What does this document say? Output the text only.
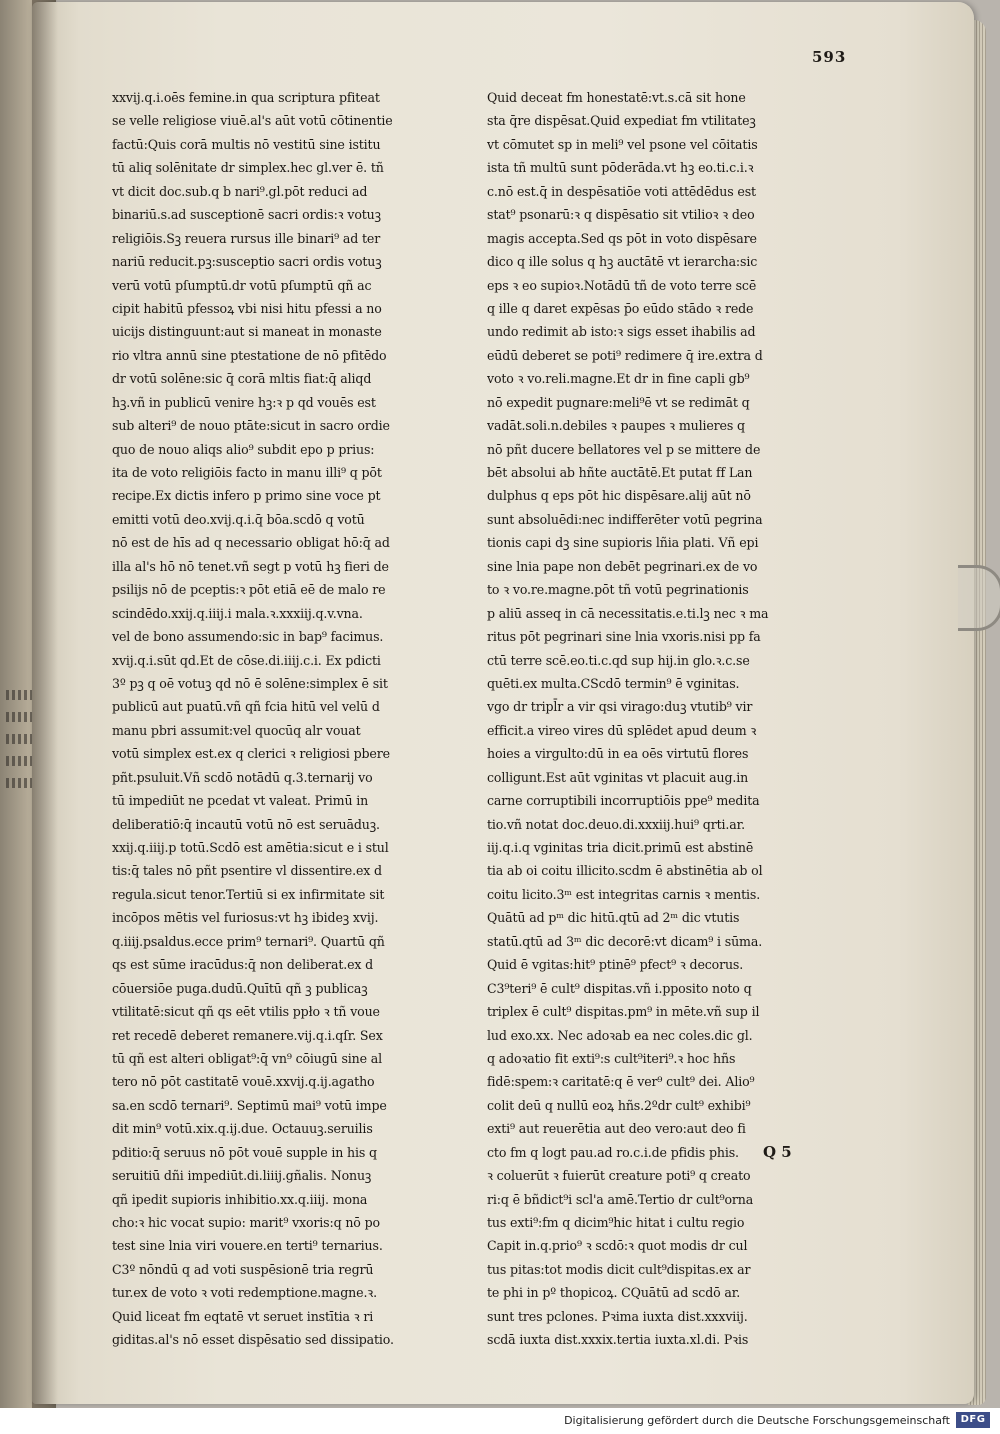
593
xxvij.q.i.oēs femine.in qua scriptura pfiteat
se velle religiose viuē.al's aūt votū cōtinentie
factū:Quis corā multis nō vestitū sine istitu
tū aliq solēnitate dr simplex.hec gl.ver ē. tñ
vt dicit doc.sub.q b nari⁹.gl.pōt reduci ad
binariū.s.ad susceptionē sacri ordis:ꝛ votuꝫ
religiōis.Sꝫ reuera rursus ille binari⁹ ad ter
nariū reducit.pꝫ:susceptio sacri ordis votuꝫ
verū votū pſumptū.dr votū pſumptū qñ ac
cipit habitū pfessoꝝ vbi nisi hitu pfessi a no
uicijs distinguunt:aut si maneat in monaste
rio vltra annū sine ptestatione de nō pfitēdo
dr votū solēne:sic q̄ corā mltis fiat:q̄ aliqd
hꝫ.vñ in publicū venire hꝫ:ꝛ p qd vouēs est
sub alteri⁹ de nouo ptāte:sicut in sacro ordie
quo de nouo aliqs alio⁹ subdit epo p prius:
ita de voto religiōis facto in manu illi⁹ q pōt
recipe.Ex dictis infero p primo sine voce pt
emitti votū deo.xvij.q.i.q̄ bōa.scdō q votū
nō est de hīs ad q necessario obligat hō:q̄ ad
illa al's hō nō tenet.vñ segt p votū hꝫ fieri de
psilijs nō de pceptis:ꝛ pōt etiā eē de malo re
scindēdo.xxij.q.iiij.i mala.ꝛ.xxxiij.q.v.vna.
vel de bono assumendo:sic in bap⁹ facimus.
xvij.q.i.sūt qd.Et de cōse.di.iiij.c.i. Ex pdicti
3º pꝫ q oē votuꝫ qd nō ē solēne:simplex ē sit
publicū aut puatū.vñ qñ fcia hitū vel velū d
manu pbri assumit:vel quocūq alr vouat
votū simplex est.ex q clerici ꝛ religiosi pbere
pñt.psuluit.Vñ scdō notādū q.3.ternarij vo
tū impediūt ne pcedat vt valeat. Primū in
deliberatiō:q̄ incautū votū nō est seruāduꝫ.
xxij.q.iiij.p totū.Scdō est amētia:sicut e i stul
tis:q̄ tales nō pñt psentire vl dissentire.ex d
regula.sicut tenor.Tertiū si ex infirmitate sit
incōpos mētis vel furiosus:vt hꝫ ibideꝫ xvij.
q.iiij.psaldus.ecce prim⁹ ternari⁹. Quartū qñ
qs est sūme iracūdus:q̄ non deliberat.ex d
cōuersiōe puga.dudū.Quītū qñ ꝫ publicaꝫ
vtilitatē:sicut qñ qs eēt vtilis ppło ꝛ tñ voue
ret recedē deberet remanere.vij.q.i.qſr. Sex
tū qñ est alteri obligat⁹:q̄ vn⁹ cōiugū sine al
tero nō pōt castitatē vouē.xxvij.q.ij.agatho
sa.en scdō ternari⁹. Septimū mai⁹ votū impe
dit min⁹ votū.xix.q.ij.due. Octauuꝫ.seruilis
pditio:q̄ seruus nō pōt vouē supple in his q
seruitiū dñi impediūt.di.liiij.gñalis. Nonuꝫ
qñ ipedit supioris inhibitio.xx.q.iiij. mona
cho:ꝛ hic vocat supio: marit⁹ vxoris:q nō po
test sine lnia viri vouere.en terti⁹ ternarius.
C3º nōndū q ad voti suspēsionē tria regrū
tur.ex de voto ꝛ voti redemptione.magne.ꝛ.
Quid liceat fm eqtatē vt seruet instītia ꝛ ri
giditas.al's nō esset dispēsatio sed dissipatio.
Quid deceat fm honestatē:vt.s.cā sit hone
sta q̄re dispēsat.Quid expediat fm vtilitateꝫ
vt cōmutet sp in meli⁹ vel psone vel cōitatis
ista tñ multū sunt pōderāda.vt hꝫ eo.ti.c.i.ꝛ
c.nō est.q̄ in despēsatiōe voti attēdēdus est
stat⁹ psonarū:ꝛ q dispēsatio sit vtilioꝛ ꝛ deo
magis accepta.Sed qs pōt in voto dispēsare
dico q ille solus q hꝫ auctātē vt ierarcha:sic
eps ꝛ eo supioꝛ.Notādū tñ de voto terre scē
q ille q daret expēsas p̄o eūdo stādo ꝛ rede
undo redimit ab isto:ꝛ sigs esset ihabilis ad
eūdū deberet se poti⁹ redimere q̄ ire.extra d
voto ꝛ vo.reli.magne.Et dr in fine capli gb⁹
nō expedit pugnare:meli⁹ē vt se redimāt q
vadāt.soli.n.debiles ꝛ paupes ꝛ mulieres q
nō pñt ducere bellatores vel p se mittere de
bēt absolui ab hñte auctātē.Et putat ff Lan
dulphus q eps pōt hic dispēsare.alij aūt nō
sunt absoluēdi:nec indifferēter votū pegrina
tionis capi dꝫ sine supioris lñia plati. Vñ epi
sine lnia pape non debēt pegrinari.ex de vo
to ꝛ vo.re.magne.pōt tñ votū pegrinationis
p aliū asseq in cā necessitatis.e.ti.lꝫ nec ꝛ ma
ritus pōt pegrinari sine lnia vxoris.nisi pp fa
ctū terre scē.eo.ti.c.qd sup hij.in glo.ꝛ.c.se
quēti.ex multa.CScdō termin⁹ ē vginitas.
vgo dr tripl̄r a vir qsi virago:duꝫ vtutib⁹ vir
efficit.a vireo vires dū splēdet apud deum ꝛ
hoies a virgulto:dū in ea oēs virtutū flores
colligunt.Est aūt vginitas vt placuit aug.in
carne corruptibili incorruptiōis ppe⁹ medita
tio.vñ notat doc.deuo.di.xxxiij.hui⁹ qrti.ar.
iij.q.i.q vginitas tria dicit.primū est abstinē
tia ab oi coitu illicito.scdm ē abstinētia ab ol
coitu licito.3ᵐ est integritas carnis ꝛ mentis.
Quātū ad pᵐ dic hitū.qtū ad 2ᵐ dic vtutis
statū.qtū ad 3ᵐ dic decorē:vt dicam⁹ i sūma.
Quid ē vgitas:hit⁹ ptinē⁹ pfect⁹ ꝛ decorus.
C3⁹teri⁹ ē cult⁹ dispitas.vñ i.pposito noto q
triplex ē cult⁹ dispitas.pm⁹ in mēte.vñ sup il
lud exo.xx. Nec adoꝛab ea nec coles.dic gl.
q adoꝛatio fit exti⁹:s cult⁹iteri⁹.ꝛ hoc hñs
fidē:spem:ꝛ caritatē:q ē ver⁹ cult⁹ dei. Alio⁹
colit deū q nullū eoꝝ hñs.2ºdr cult⁹ exhibi⁹
exti⁹ aut reuerētia aut deo vero:aut deo fi
cto fm q logt pau.ad ro.c.i.de pfidis phis.
ꝛ coluerūt ꝛ fuierūt creature poti⁹ q creato
ri:q ē bñdict⁹i scl'a amē.Tertio dr cult⁹orna
tus exti⁹:fm q dicim⁹hic hitat i cultu regio
Capit in.q.prio⁹ ꝛ scdō:ꝛ quot modis dr cul
tus pitas:tot modis dicit cult⁹dispitas.ex ar
te phi in pº thopicoꝝ. CQuātū ad scdō ar.
sunt tres pclones. Pꝛima iuxta dist.xxxviij.
scdā iuxta dist.xxxix.tertia iuxta.xl.di. Pꝛis
Q 5
Digitalisierung gefördert durch die Deutsche Forschungsgemeinschaft	DFG
